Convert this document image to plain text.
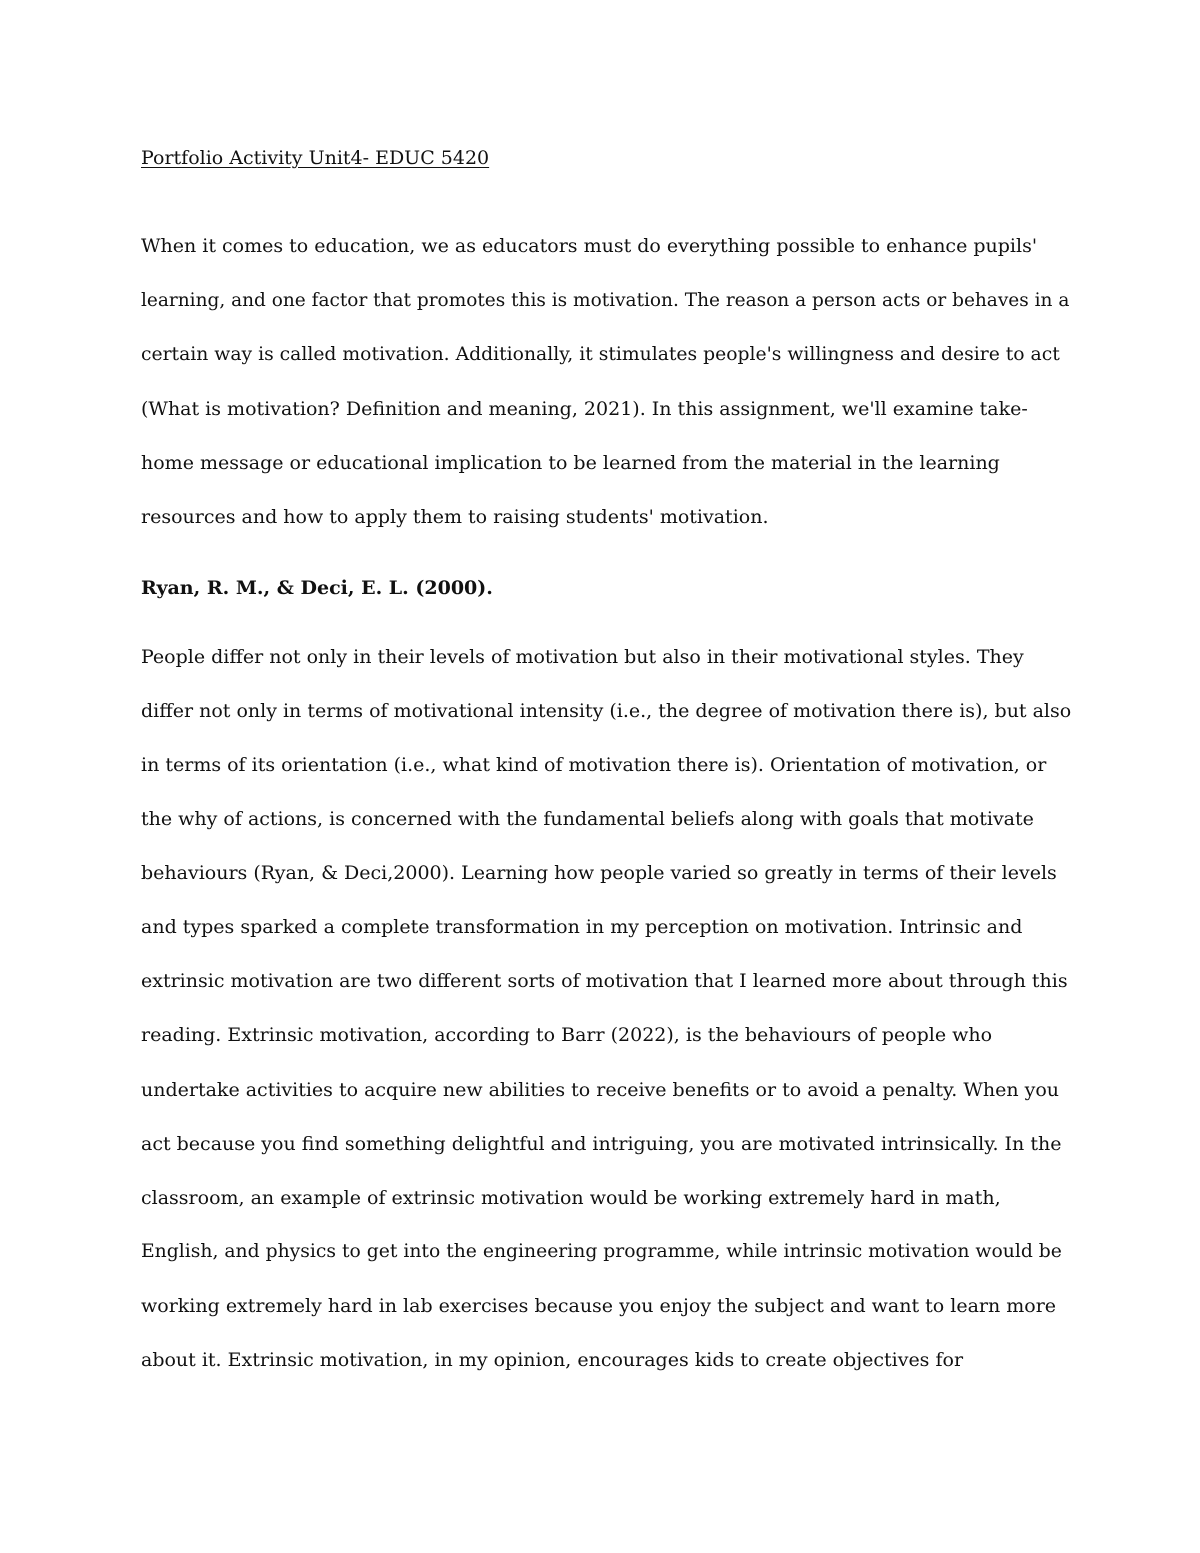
Portfolio Activity Unit4- EDUC 5420
When it comes to education, we as educators must do everything possible to enhance pupils'
learning, and one factor that promotes this is motivation. The reason a person acts or behaves in a
certain way is called motivation. Additionally, it stimulates people's willingness and desire to act
(What is motivation? Definition and meaning, 2021). In this assignment, we'll examine take-
home message or educational implication to be learned from the material in the learning
resources and how to apply them to raising students' motivation.
Ryan, R. M., & Deci, E. L. (2000).
People differ not only in their levels of motivation but also in their motivational styles. They
differ not only in terms of motivational intensity (i.e., the degree of motivation there is), but also
in terms of its orientation (i.e., what kind of motivation there is). Orientation of motivation, or
the why of actions, is concerned with the fundamental beliefs along with goals that motivate
behaviours (Ryan, & Deci,2000). Learning how people varied so greatly in terms of their levels
and types sparked a complete transformation in my perception on motivation. Intrinsic and
extrinsic motivation are two different sorts of motivation that I learned more about through this
reading. Extrinsic motivation, according to Barr (2022), is the behaviours of people who
undertake activities to acquire new abilities to receive benefits or to avoid a penalty. When you
act because you find something delightful and intriguing, you are motivated intrinsically. In the
classroom, an example of extrinsic motivation would be working extremely hard in math,
English, and physics to get into the engineering programme, while intrinsic motivation would be
working extremely hard in lab exercises because you enjoy the subject and want to learn more
about it. Extrinsic motivation, in my opinion, encourages kids to create objectives for
